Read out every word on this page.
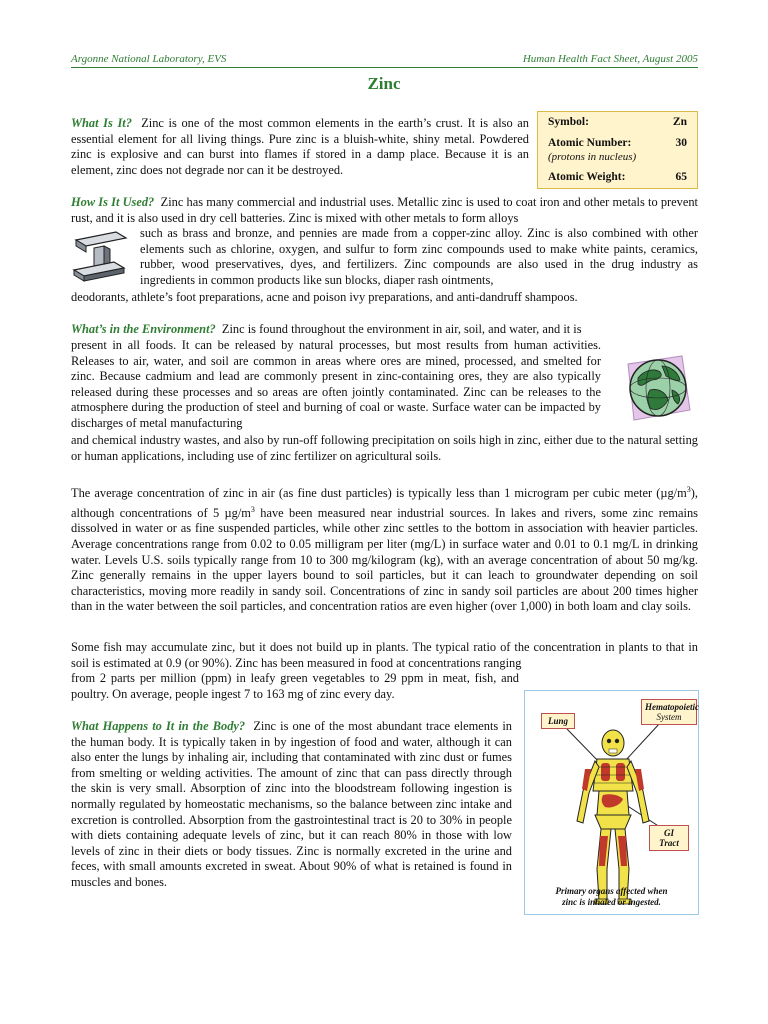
Argonne National Laboratory, EVS	Human Health Fact Sheet, August 2005
Zinc
What Is It? Zinc is one of the most common elements in the earth’s crust. It is also an essential element for all living things. Pure zinc is a bluish-white, shiny metal. Powdered zinc is explosive and can burst into flames if stored in a damp place. Because it is an element, zinc does not degrade nor can it be destroyed.
Symbol:	Zn
Atomic Number:	30
(protons in nucleus)
Atomic Weight:	65
How Is It Used? Zinc has many commercial and industrial uses. Metallic zinc is used to coat iron and other metals to prevent rust, and it is also used in dry cell batteries. Zinc is mixed with other metals to form alloys
such as brass and bronze, and pennies are made from a copper-zinc alloy. Zinc is also combined with other elements such as chlorine, oxygen, and sulfur to form zinc compounds used to make white paints, ceramics, rubber, wood preservatives, dyes, and fertilizers. Zinc compounds are also used in the drug industry as ingredients in common products like sun blocks, diaper rash ointments,
deodorants, athlete’s foot preparations, acne and poison ivy preparations, and anti-dandruff shampoos.
What’s in the Environment? Zinc is found throughout the environment in air, soil, and water, and it is
present in all foods. It can be released by natural processes, but most results from human activities. Releases to air, water, and soil are common in areas where ores are mined, processed, and smelted for zinc. Because cadmium and lead are commonly present in zinc-containing ores, they are also typically released during these processes and so areas are often jointly contaminated. Zinc can be releases to the atmosphere during the production of steel and burning of coal or waste. Surface water can be impacted by discharges of metal manufacturing
and chemical industry wastes, and also by run-off following precipitation on soils high in zinc, either due to the natural setting or human applications, including use of zinc fertilizer on agricultural soils.
The average concentration of zinc in air (as fine dust particles) is typically less than 1 microgram per cubic meter $(\mu g/m^3)$, although concentrations of 5 $\mu g/m^3$ have been measured near industrial sources. In lakes and rivers, some zinc remains dissolved in water or as fine suspended particles, while other zinc settles to the bottom in association with heavier particles. Average concentrations range from 0.02 to 0.05 milligram per liter (mg/L) in surface water and 0.01 to 0.1 mg/L in drinking water. Levels U.S. soils typically range from 10 to 300 mg/kilogram (kg), with an average concentration of about 50 mg/kg. Zinc generally remains in the upper layers bound to soil particles, but it can leach to groundwater depending on soil characteristics, moving more readily in sandy soil. Concentrations of zinc in sandy soil particles are about 200 times higher than in the water between the soil particles, and concentration ratios are even higher (over 1,000) in both loam and clay soils.
Some fish may accumulate zinc, but it does not build up in plants. The typical ratio of the concentration in plants to that in soil is estimated at 0.9 (or 90%). Zinc has been measured in food at concentrations ranging
from 2 parts per million (ppm) in leafy green vegetables to 29 ppm in meat, fish, and poultry. On average, people ingest 7 to 163 mg of zinc every day.
What Happens to It in the Body? Zinc is one of the most abundant trace elements in the human body. It is typically taken in by ingestion of food and water, although it can also enter the lungs by inhaling air, including that contaminated with zinc dust or fumes from smelting or welding activities. The amount of zinc that can pass directly through the skin is very small. Absorption of zinc into the bloodstream following ingestion is normally regulated by homeostatic mechanisms, so the balance between zinc intake and excretion is controlled. Absorption from the gastrointestinal tract is 20 to 30% in people with diets containing adequate levels of zinc, but it can reach 80% in those with low levels of zinc in their diets or body tissues. Zinc is normally excreted in the urine and feces, with small amounts excreted in sweat. About 90% of what is retained is found in muscles and bones.
Lung
Hematopoietic
System
GI
Tract
Primary organs affected when
zinc is inhaled or ingested.
